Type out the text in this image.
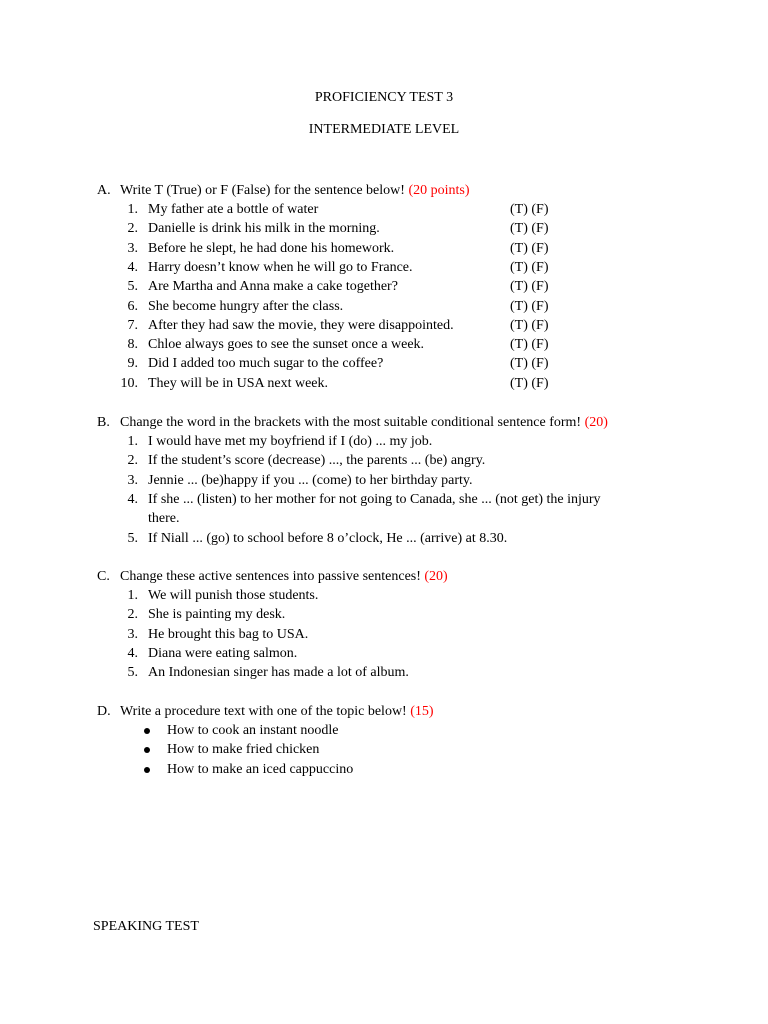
PROFICIENCY TEST 3
INTERMEDIATE LEVEL
A. Write T (True) or F (False) for the sentence below! (20 points)
1. My father ate a bottle of water	(T) (F)
2. Danielle is drink his milk in the morning.	(T) (F)
3. Before he slept, he had done his homework.	(T) (F)
4. Harry doesn’t know when he will go to France.	(T) (F)
5. Are Martha and Anna make a cake together?	(T) (F)
6. She become hungry after the class.	(T) (F)
7. After they had saw the movie, they were disappointed.	(T) (F)
8. Chloe always goes to see the sunset once a week.	(T) (F)
9. Did I added too much sugar to the coffee?	(T) (F)
10. They will be in USA next week.	(T) (F)
B. Change the word in the brackets with the most suitable conditional sentence form! (20)
1. I would have met my boyfriend if I (do) ... my job.
2. If the student’s score (decrease) ..., the parents ... (be) angry.
3. Jennie ... (be)happy if you ... (come) to her birthday party.
4. If she ... (listen) to her mother for not going to Canada, she ... (not get) the injury
there.
5. If Niall ... (go) to school before 8 o’clock, He ... (arrive) at 8.30.
C. Change these active sentences into passive sentences! (20)
1. We will punish those students.
2. She is painting my desk.
3. He brought this bag to USA.
4. Diana were eating salmon.
5. An Indonesian singer has made a lot of album.
D. Write a procedure text with one of the topic below! (15)
How to cook an instant noodle
How to make fried chicken
How to make an iced cappuccino
SPEAKING TEST
